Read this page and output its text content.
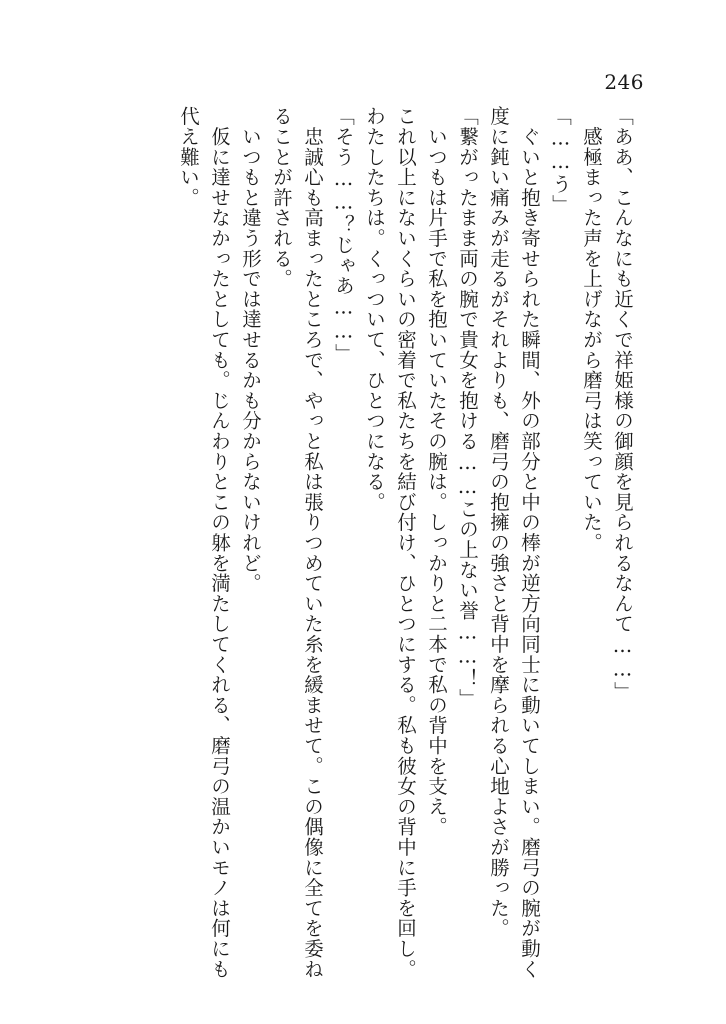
246

「ああ、こんなにも近くで祥姫様の御顔を見られるなんて……」

　感極まった声を上げながら磨弓は笑っていた。

「……う」

　ぐいと抱き寄せられた瞬間、外の部分と中の棒が逆方向同士に動いてしまい。磨弓の腕が動く

度に鈍い痛みが走るがそれよりも、磨弓の抱擁の強さと背中を摩られる心地よさが勝った。

「繋がったまま両の腕で貴女を抱ける……この上ない誉……！」

　いつもは片手で私を抱いていたその腕は。しっかりと二本で私の背中を支え。

これ以上にないくらいの密着で私たちを結び付け、ひとつにする。私も彼女の背中に手を回し。

わたしたちは。くっついて、ひとつになる。

「そう……？じゃあ……」

　忠誠心も高まったところで、やっと私は張りつめていた糸を緩ませて。この偶像に全てを委ね

ることが許される。

　いつもと違う形では達せるかも分からないけれど。

　仮に達せなかったとしても。じんわりとこの躰を満たしてくれる、磨弓の温かいモノは何にも

代え難い。
